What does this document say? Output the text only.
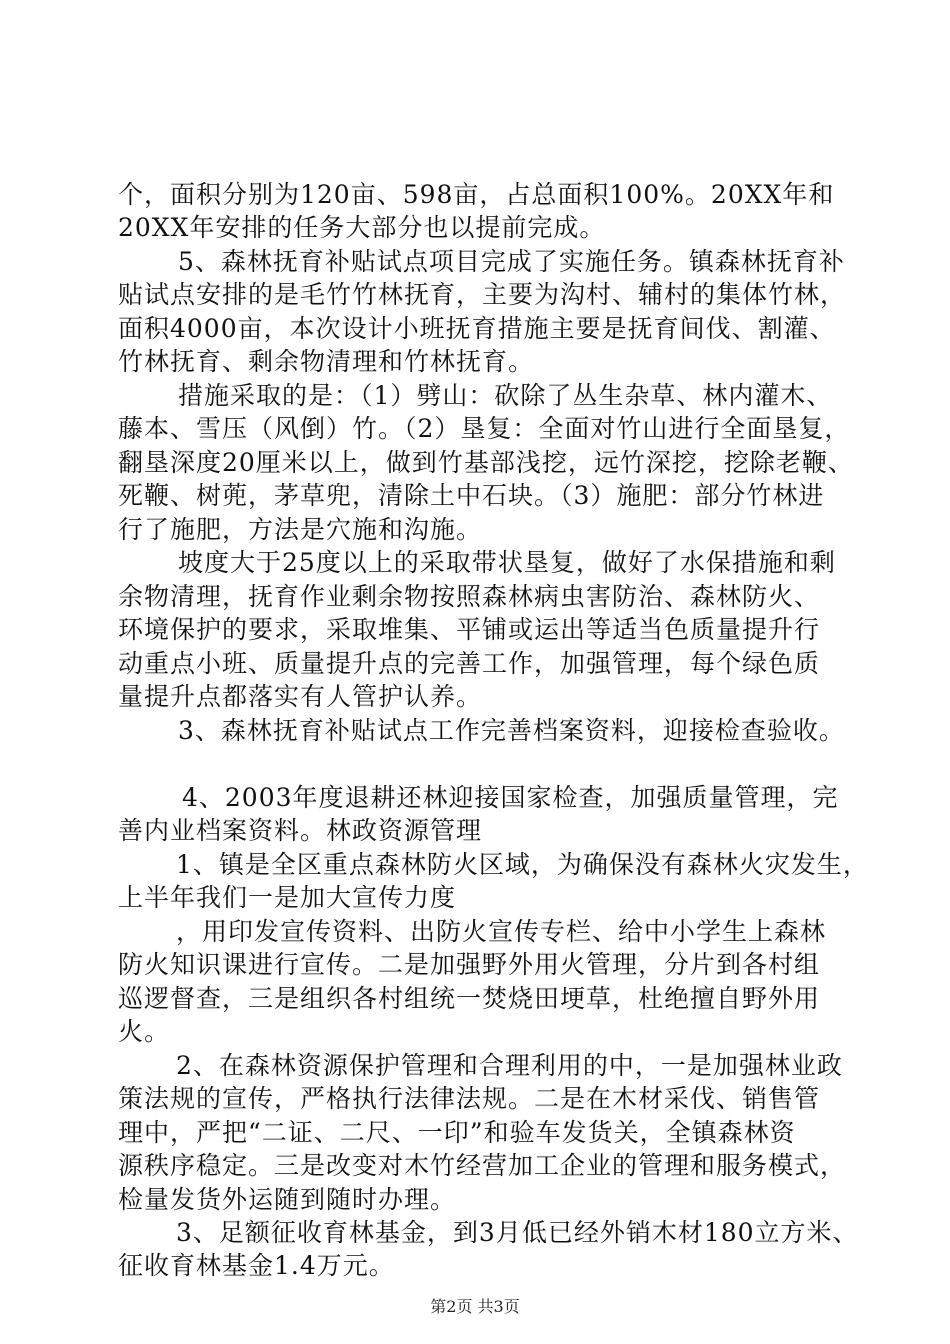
个，面积分别为120亩、598亩，占总面积100%。20XX年和
20XX年安排的任务大部分也以提前完成。
5、森林抚育补贴试点项目完成了实施任务。镇森林抚育补
贴试点安排的是毛竹竹林抚育，主要为沟村、辅村的集体竹林，
面积4000亩，本次设计小班抚育措施主要是抚育间伐、割灌、
竹林抚育、剩余物清理和竹林抚育。
措施采取的是：（1）劈山：砍除了丛生杂草、林内灌木、
藤本、雪压（风倒）竹。（2）垦复：全面对竹山进行全面垦复，
翻垦深度20厘米以上，做到竹基部浅挖，远竹深挖，挖除老鞭、
死鞭、树蔸，茅草兜，清除土中石块。（3）施肥：部分竹林进
行了施肥，方法是穴施和沟施。
坡度大于25度以上的采取带状垦复，做好了水保措施和剩
余物清理，抚育作业剩余物按照森林病虫害防治、森林防火、
环境保护的要求，采取堆集、平铺或运出等适当色质量提升行
动重点小班、质量提升点的完善工作，加强管理，每个绿色质
量提升点都落实有人管护认养。
3、森林抚育补贴试点工作完善档案资料，迎接检查验收。
4、2003年度退耕还林迎接国家检查，加强质量管理，完
善内业档案资料。林政资源管理
1、镇是全区重点森林防火区域，为确保没有森林火灾发生，
上半年我们一是加大宣传力度
，用印发宣传资料、出防火宣传专栏、给中小学生上森林
防火知识课进行宣传。二是加强野外用火管理，分片到各村组
巡逻督查，三是组织各村组统一焚烧田埂草，杜绝擅自野外用
火。
2、在森林资源保护管理和合理利用的中，一是加强林业政
策法规的宣传，严格执行法律法规。二是在木材采伐、销售管
理中，严把“二证、二尺、一印”和验车发货关，全镇森林资
源秩序稳定。三是改变对木竹经营加工企业的管理和服务模式，
检量发货外运随到随时办理。
3、足额征收育林基金，到3月低已经外销木材180立方米、
征收育林基金1.4万元。
第2页 共3页
